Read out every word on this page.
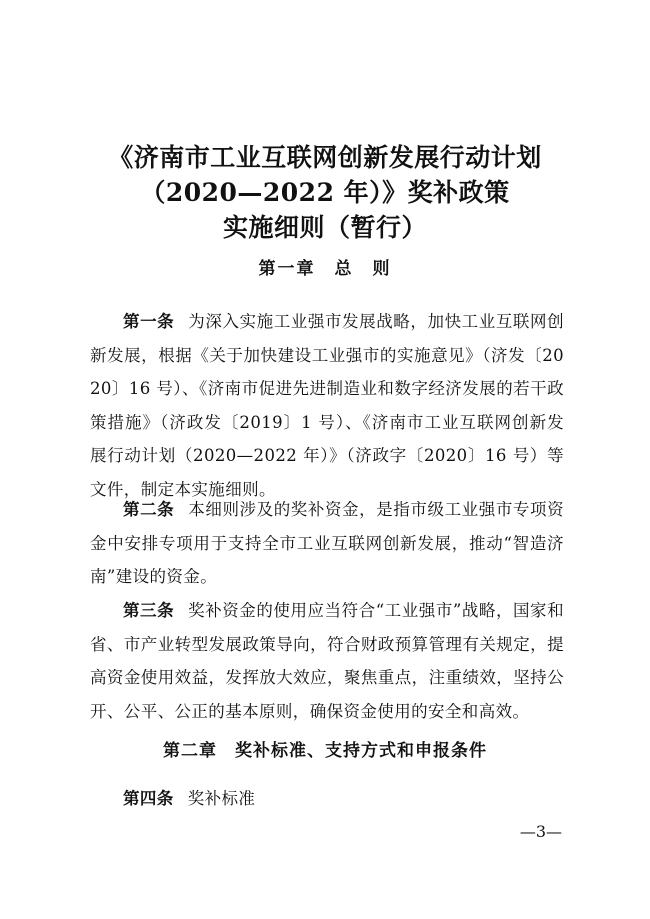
《济南市工业互联网创新发展行动计划
（2020—2022 年）》奖补政策
实施细则（暂行）
第一章　总　则
第一条 为深入实施工业强市发展战略，加快工业互联网创新发展，根据《关于加快建设工业强市的实施意见》（济发〔2020〕16 号）、《济南市促进先进制造业和数字经济发展的若干政策措施》（济政发〔2019〕1 号）、《济南市工业互联网创新发展行动计划（2020—2022 年）》（济政字〔2020〕16 号）等文件，制定本实施细则。
第二条 本细则涉及的奖补资金，是指市级工业强市专项资金中安排专项用于支持全市工业互联网创新发展，推动“智造济南”建设的资金。
第三条 奖补资金的使用应当符合“工业强市”战略，国家和省、市产业转型发展政策导向，符合财政预算管理有关规定，提高资金使用效益，发挥放大效应，聚焦重点，注重绩效，坚持公开、公平、公正的基本原则，确保资金使用的安全和高效。
第二章　奖补标准、支持方式和申报条件
第四条 奖补标准
—3—
